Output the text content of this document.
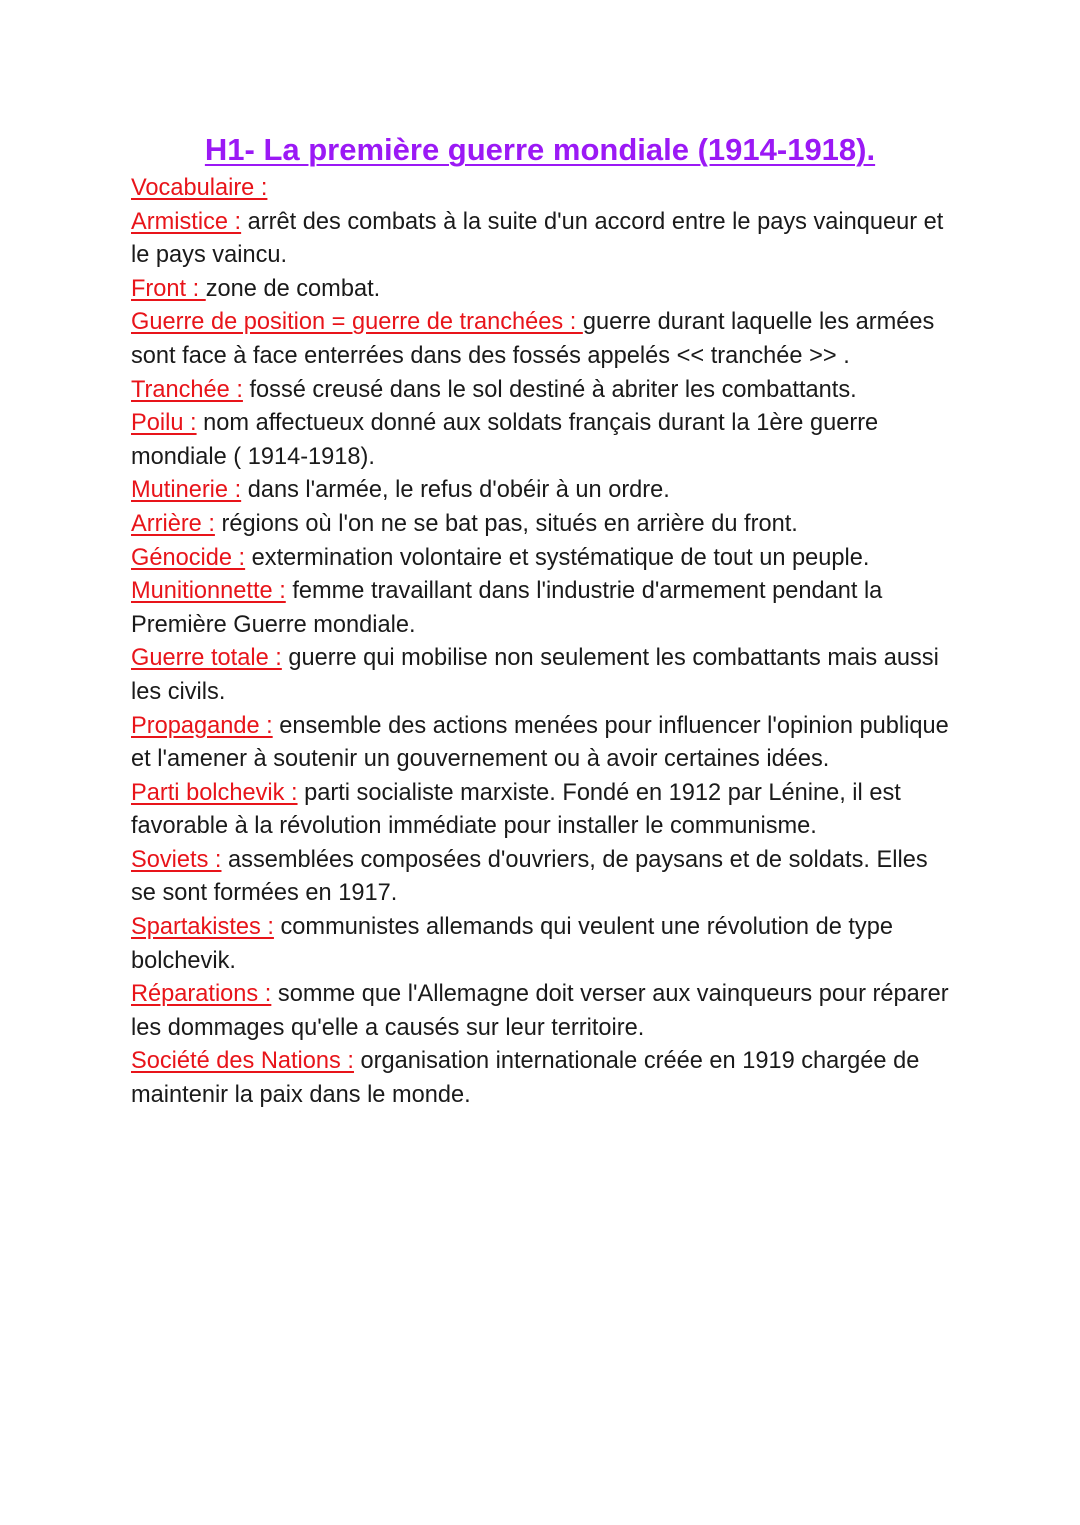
H1- La première guerre mondiale (1914-1918).
Vocabulaire :

Armistice : arrêt des combats à la suite d'un accord entre le pays vainqueur et le pays vaincu.

Front : zone de combat.

Guerre de position = guerre de tranchées : guerre durant laquelle les armées sont face à face enterrées dans des fossés appelés << tranchée >> .

Tranchée : fossé creusé dans le sol destiné à abriter les combattants.

Poilu : nom affectueux donné aux soldats français durant la 1ère guerre mondiale ( 1914-1918).

Mutinerie : dans l'armée, le refus d'obéir à un ordre.

Arrière : régions où l'on ne se bat pas, situés en arrière du front.

Génocide : extermination volontaire et systématique de tout un peuple.

Munitionnette : femme travaillant dans l'industrie d'armement pendant la Première Guerre mondiale.

Guerre totale : guerre qui mobilise non seulement les combattants mais aussi les civils.

Propagande : ensemble des actions menées pour influencer l'opinion publique et l'amener à soutenir un gouvernement ou à avoir certaines idées.

Parti bolchevik : parti socialiste marxiste. Fondé en 1912 par Lénine, il est favorable à la révolution immédiate pour installer le communisme.

Soviets : assemblées composées d'ouvriers, de paysans et de soldats. Elles se sont formées en 1917.

Spartakistes : communistes allemands qui veulent une révolution de type bolchevik.

Réparations : somme que l'Allemagne doit verser aux vainqueurs pour réparer les dommages qu'elle a causés sur leur territoire.

Société des Nations : organisation internationale créée en 1919 chargée de maintenir la paix dans le monde.
